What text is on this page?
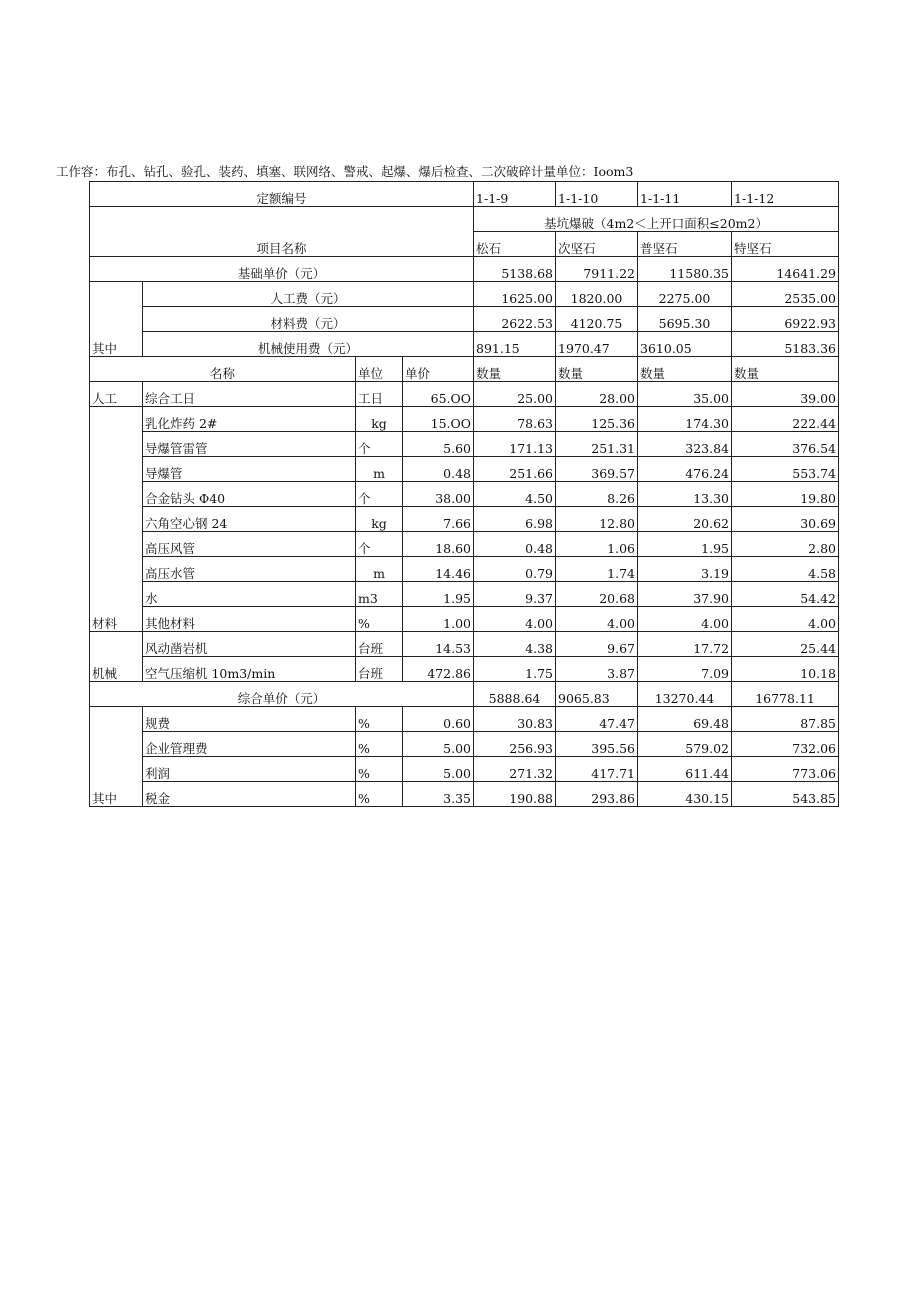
工作容：布孔、钻孔、验孔、装药、填塞、联网络、警戒、起爆、爆后检查、二次破碎计量单位：Ioom3
定额编号				1-1-9	1-1-10	1-1-11	1-1-12
项目名称				基坑爆破（4m2＜上开口面积≤20m2）			
				松石	次坚石	普坚石	特坚石
基础单价（元）				5138.68	7911.22	11580.35	14641.29
其中	人工费（元）			1625.00	1820.00	2275.00	2535.00
	材料费（元）			2622.53	4120.75	5695.30	6922.93
	机械使用费（元）			891.15	1970.47	3610.05	5183.36
名称		单位	单价	数量	数量	数量	数量
人工	综合工日	工日	65.OO	25.00	28.00	35.00	39.00
材料	乳化炸药 2#	kg	15.OO	78.63	125.36	174.30	222.44
	导爆管雷管	个	5.60	171.13	251.31	323.84	376.54
	导爆管	m	0.48	251.66	369.57	476.24	553.74
	合金钻头 Φ40	个	38.00	4.50	8.26	13.30	19.80
	六角空心钢 24	kg	7.66	6.98	12.80	20.62	30.69
	高压风管	个	18.60	0.48	1.06	1.95	2.80
	高压水管	m	14.46	0.79	1.74	3.19	4.58
	水	m3	1.95	9.37	20.68	37.90	54.42
	其他材料	%	1.00	4.00	4.00	4.00	4.00
机械	风动凿岩机	台班	14.53	4.38	9.67	17.72	25.44
	空气压缩机 10m3∕min	台班	472.86	1.75	3.87	7.09	10.18
综合单价（元）				5888.64	9065.83	13270.44	16778.11
其中	规费	%	0.60	30.83	47.47	69.48	87.85
	企业管理费	%	5.00	256.93	395.56	579.02	732.06
	利润	%	5.00	271.32	417.71	611.44	773.06
	税金	%	3.35	190.88	293.86	430.15	543.85
